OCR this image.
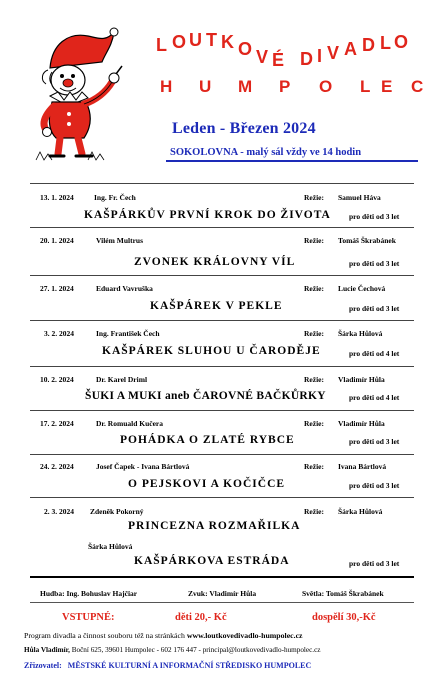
L O U T K O V É D I V A D L O
H U M P O L E C
Leden - Březen 2024
SOKOLOVNA - malý sál vždy ve 14 hodin
13. 1. 2024	Ing. Fr. Čech	Režie: Samuel Háva
KAŠPÁRKŮV PRVNÍ KROK DO ŽIVOTA pro děti od 3 let
20. 1. 2024	Vilém Multrus	Režie: Tomáš Škrabánek
ZVONEK KRÁLOVNY VÍL	pro děti od 3 let
27. 1. 2024	Eduard Vavruška	Režie: Lucie Čechová
KAŠPÁREK V PEKLE	pro děti od 3 let
3. 2. 2024	Ing. František Čech	Režie: Šárka Hůlová
KAŠPÁREK SLUHOU U ČARODĚJE	pro děti od 4 let
10. 2. 2024	Dr. Karel Driml	Režie: Vladimír Hůla
ŠUKI A MUKI aneb ČAROVNÉ BAČKŮRKY	pro děti od 4 let
17. 2. 2024	Dr. Romuald Kučera	Režie: Vladimír Hůla
POHÁDKA O ZLATÉ RYBCE	pro děti od 3 let
24. 2. 2024	Josef Čapek - Ivana Bártlová	Režie: Ivana Bártlová
O PEJSKOVI A KOČIČCE	pro děti od 3 let
2. 3. 2024 Zdeněk Pokorný	Režie: Šárka Hůlová
PRINCEZNA ROZMAŘILKA
Šárka Hůlová
KAŠPÁRKOVA ESTRÁDA	pro děti od 3 let
Hudba: Ing. Bohuslav Hajčiar	Zvuk: Vladimír Hůla	Světla: Tomáš Škrabánek
VSTUPNÉ:	děti 20,- Kč	dospělí 30,-Kč
Program divadla a činnost souboru též na stránkách www.loutkovedivadlo-humpolec.cz
Hůla Vladimír, Boční 625, 39601 Humpolec - 602 176 447 - principal@loutkovedivadlo-humpolec.cz
Zřizovatel: MĚSTSKÉ KULTURNÍ A INFORMAČNÍ STŘEDISKO HUMPOLEC
